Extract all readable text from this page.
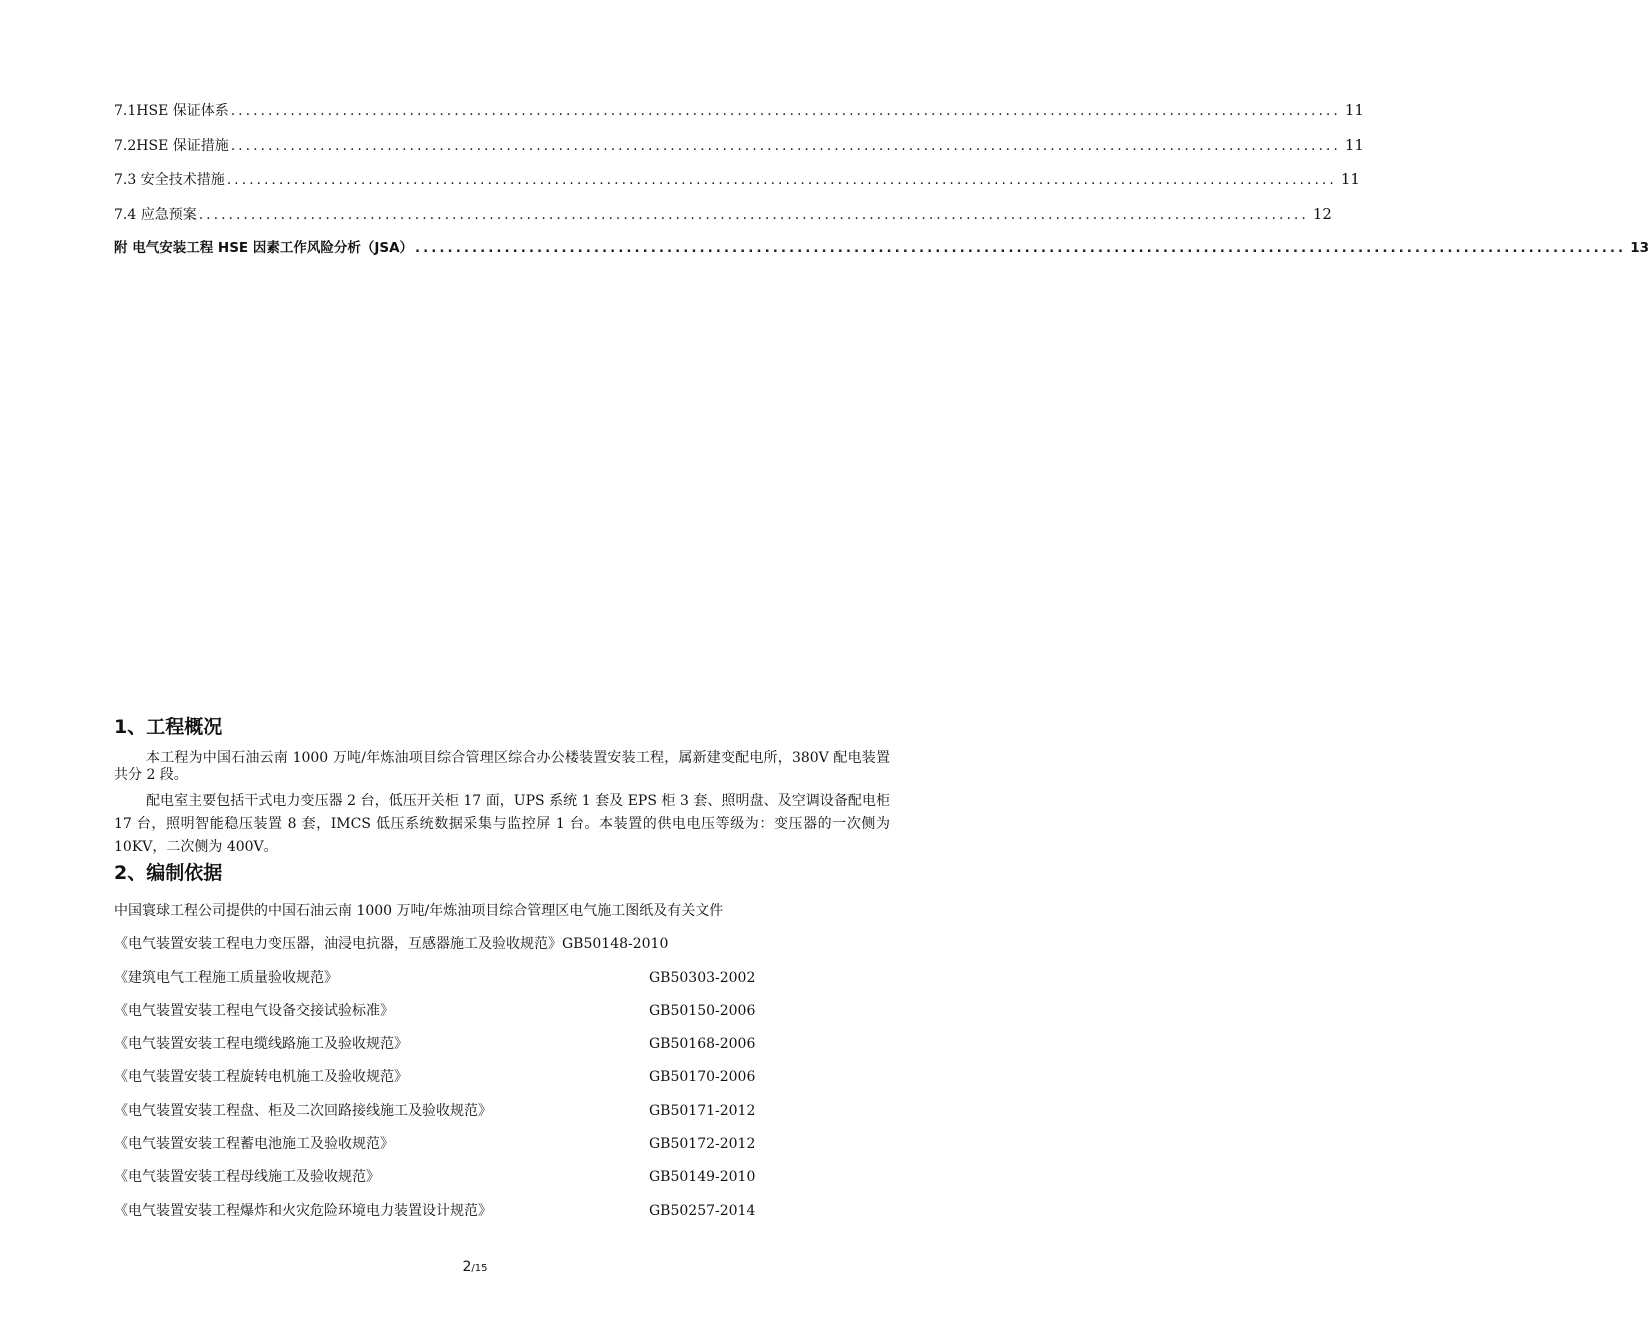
7.1HSE 保证体系 ..................................................................................................................................................... 11
7.2HSE 保证措施 ..................................................................................................................................................... 11
7.3 安全技术措施 ..................................................................................................................................................... 11
7.4 应急预案 ..................................................................................................................................................... 12
附 电气安装工程 HSE 因素工作风险分析（JSA） ..................................................................................................................................................... 13
1、工程概况

本工程为中国石油云南 1000 万吨/年炼油项目综合管理区综合办公楼装置安装工程，属新建变配电所，380V 配电装置共分 2 段。

配电室主要包括干式电力变压器 2 台，低压开关柜 17 面，UPS 系统 1 套及 EPS 柜 3 套、照明盘、及空调设备配电柜 17 台，照明智能稳压装置 8 套，IMCS 低压系统数据采集与监控屏 1 台。本装置的供电电压等级为：变压器的一次侧为 10KV，二次侧为 400V。

2、编制依据
中国寰球工程公司提供的中国石油云南 1000 万吨/年炼油项目综合管理区电气施工图纸及有关文件
《电气装置安装工程电力变压器，油浸电抗器，互感器施工及验收规范》GB50148-2010
《建筑电气工程施工质量验收规范》	GB50303-2002
《电气装置安装工程电气设备交接试验标准》	GB50150-2006
《电气装置安装工程电缆线路施工及验收规范》	GB50168-2006
《电气装置安装工程旋转电机施工及验收规范》	GB50170-2006
《电气装置安装工程盘、柜及二次回路接线施工及验收规范》	GB50171-2012
《电气装置安装工程蓄电池施工及验收规范》	GB50172-2012
《电气装置安装工程母线施工及验收规范》	GB50149-2010
《电气装置安装工程爆炸和火灾危险环境电力装置设计规范》	GB50257-2014
2/15
